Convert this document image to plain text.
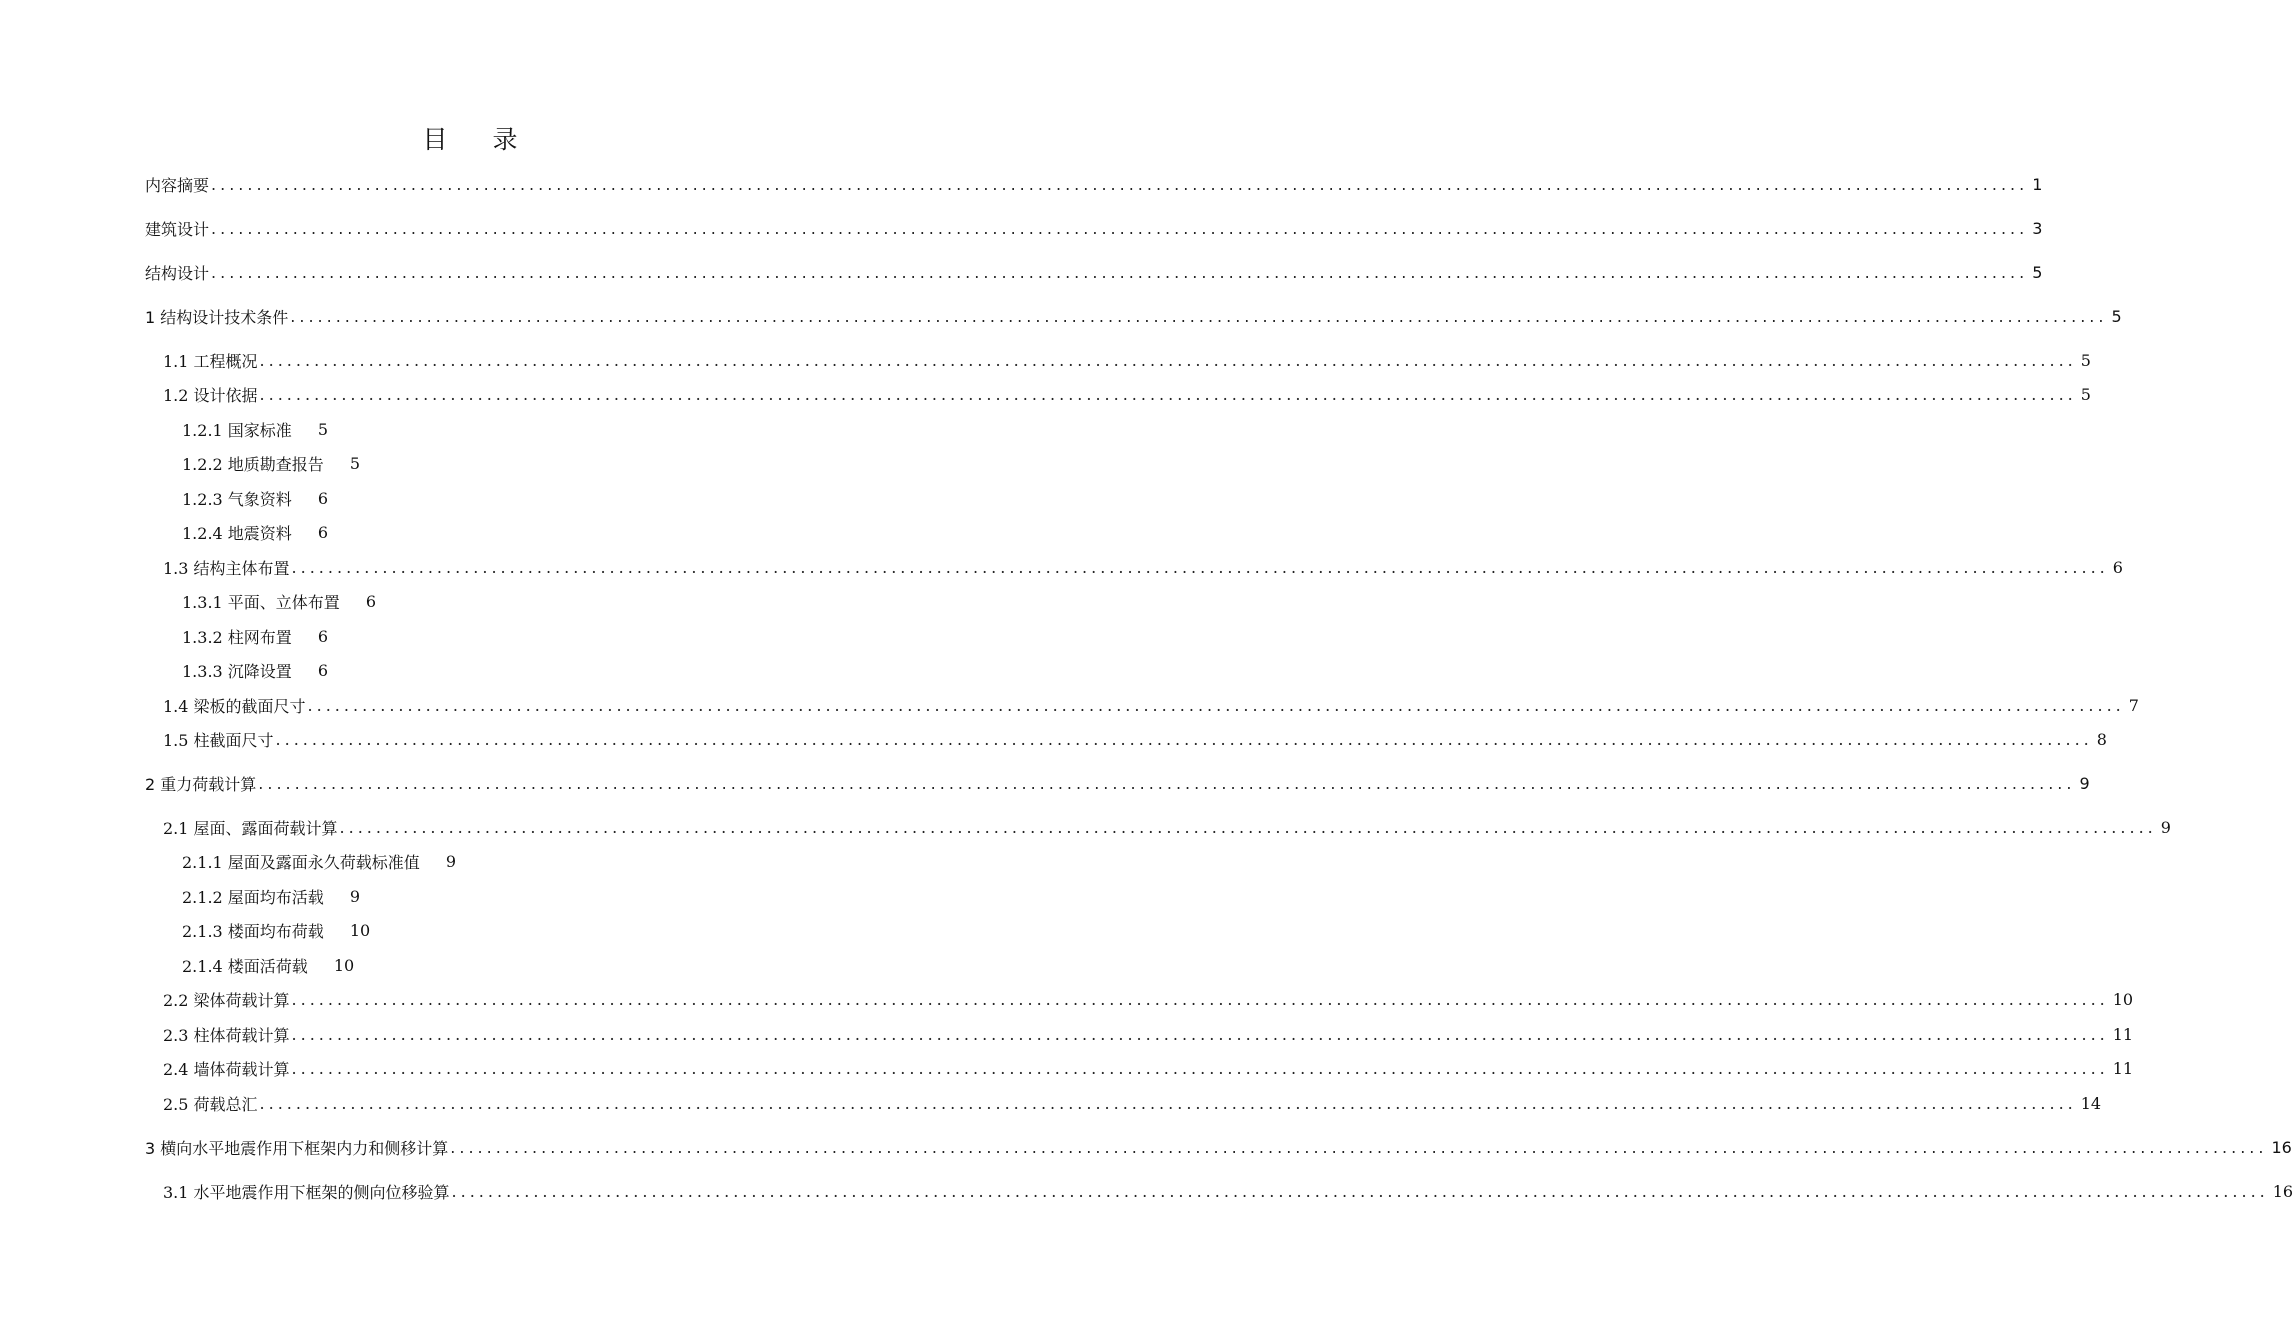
目　录
内容摘要 ........................................................................................................................................................................................................ 1
建筑设计 ........................................................................................................................................................................................................ 3
结构设计 ........................................................................................................................................................................................................ 5
1 结构设计技术条件 ........................................................................................................................................................................................................ 5
1.1 工程概况 ........................................................................................................................................................................................................ 5
1.2 设计依据 ........................................................................................................................................................................................................ 5
1.2.1 国家标准 5
1.2.2 地质勘查报告 5
1.2.3 气象资料 6
1.2.4 地震资料 6
1.3 结构主体布置 ........................................................................................................................................................................................................ 6
1.3.1 平面、立体布置 6
1.3.2 柱网布置 6
1.3.3 沉降设置 6
1.4 梁板的截面尺寸 ........................................................................................................................................................................................................ 7
1.5 柱截面尺寸 ........................................................................................................................................................................................................ 8
2 重力荷载计算 ........................................................................................................................................................................................................ 9
2.1 屋面、露面荷载计算 ........................................................................................................................................................................................................ 9
2.1.1 屋面及露面永久荷载标准值 9
2.1.2 屋面均布活载 9
2.1.3 楼面均布荷载 10
2.1.4 楼面活荷载 10
2.2 梁体荷载计算 ........................................................................................................................................................................................................ 10
2.3 柱体荷载计算 ........................................................................................................................................................................................................ 11
2.4 墙体荷载计算 ........................................................................................................................................................................................................ 11
2.5 荷载总汇 ........................................................................................................................................................................................................ 14
3 横向水平地震作用下框架内力和侧移计算 ........................................................................................................................................................................................................ 16
3.1 水平地震作用下框架的侧向位移验算 ........................................................................................................................................................................................................ 16
